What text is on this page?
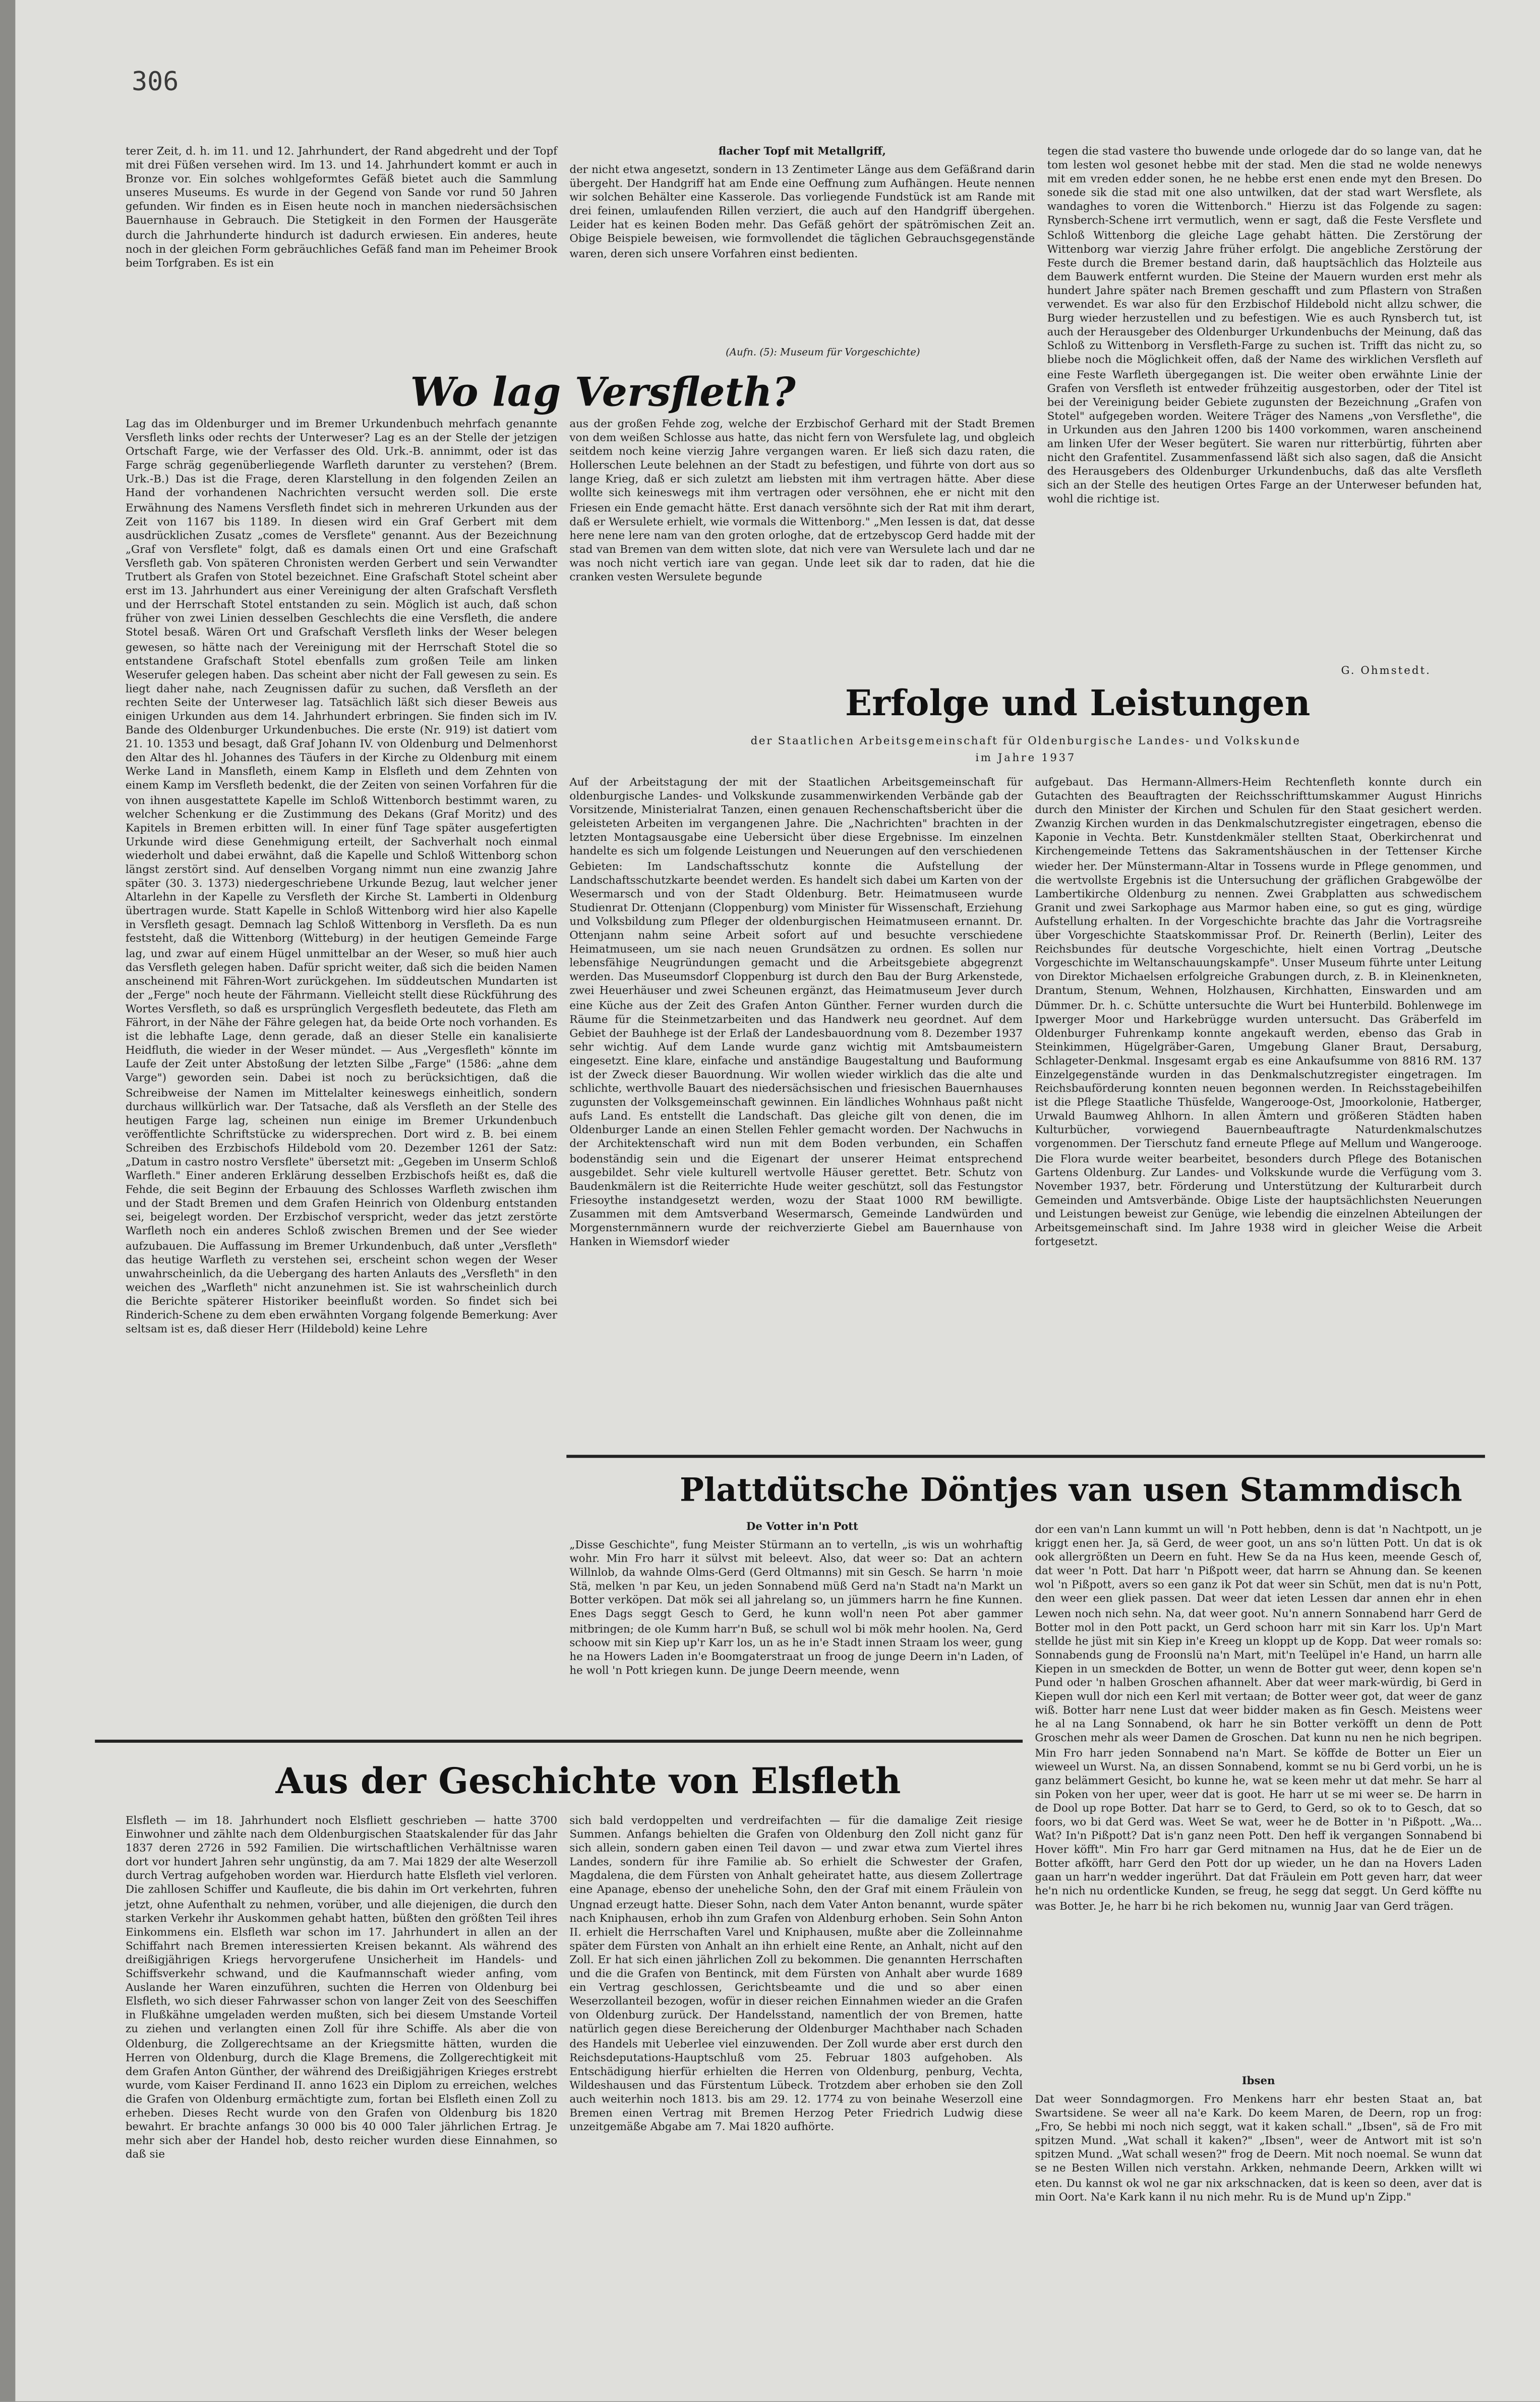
306

terer Zeit, d. h. im 11. und 12. Jahrhundert, der Rand abgedreht und der Topf mit drei Füßen versehen wird. Im 13. und 14. Jahrhundert kommt er auch in Bronze vor. Ein solches wohlgeformtes Gefäß bietet auch die Sammlung unseres Museums. Es wurde in der Gegend von Sande vor rund 50 Jahren gefunden. Wir finden es in Eisen heute noch in manchen niedersächsischen Bauernhause in Gebrauch. Die Stetigkeit in den Formen der Hausgeräte durch die Jahrhunderte hindurch ist dadurch erwiesen. Ein anderes, heute noch in der gleichen Form gebräuchliches Gefäß fand man im Peheimer Brook beim Torfgraben. Es ist ein

flacher Topf mit Metallgriff,

der nicht etwa angesetzt, sondern in 13 Zentimeter Länge aus dem Gefäßrand darin übergeht. Der Handgriff hat am Ende eine Oeffnung zum Aufhängen. Heute nennen wir solchen Behälter eine Kasserole. Das vorliegende Fundstück ist am Rande mit drei feinen, umlaufenden Rillen verziert, die auch auf den Handgriff übergehen. Leider hat es keinen Boden mehr. Das Gefäß gehört der spätrömischen Zeit an. Obige Beispiele beweisen, wie formvollendet die täglichen Gebrauchsgegenstände waren, deren sich unsere Vorfahren einst bedienten.

(Aufn. (5): Museum für Vorgeschichte)
Wo lag Versfleth?

Lag das im Oldenburger und im Bremer Urkundenbuch mehrfach genannte Versfleth links oder rechts der Unterweser? Lag es an der Stelle der jetzigen Ortschaft Farge, wie der Verfasser des Old. Urk.-B. annimmt, oder ist das Farge schräg gegenüberliegende Warfleth darunter zu verstehen? (Brem. Urk.-B.) Das ist die Frage, deren Klarstellung in den folgenden Zeilen an Hand der vorhandenen Nachrichten versucht werden soll. Die erste Erwähnung des Namens Versfleth findet sich in mehreren Urkunden aus der Zeit von 1167 bis 1189. In diesen wird ein Graf Gerbert mit dem ausdrücklichen Zusatz „comes de Versflete" genannt. Aus der Bezeichnung „Graf von Versflete" folgt, daß es damals einen Ort und eine Grafschaft Versfleth gab. Von späteren Chronisten werden Gerbert und sein Verwandter Trutbert als Grafen von Stotel bezeichnet. Eine Grafschaft Stotel scheint aber erst im 13. Jahrhundert aus einer Vereinigung der alten Grafschaft Versfleth und der Herrschaft Stotel entstanden zu sein. Möglich ist auch, daß schon früher von zwei Linien desselben Geschlechts die eine Versfleth, die andere Stotel besaß. Wären Ort und Grafschaft Versfleth links der Weser belegen gewesen, so hätte nach der Vereinigung mit der Herrschaft Stotel die so entstandene Grafschaft Stotel ebenfalls zum großen Teile am linken Weserufer gelegen haben. Das scheint aber nicht der Fall gewesen zu sein. Es liegt daher nahe, nach Zeugnissen dafür zu suchen, daß Versfleth an der rechten Seite der Unterweser lag. Tatsächlich läßt sich dieser Beweis aus einigen Urkunden aus dem 14. Jahrhundert erbringen. Sie finden sich im IV. Bande des Oldenburger Urkundenbuches. Die erste (Nr. 919) ist datiert vom 21. 10. 1353 und besagt, daß Graf Johann IV. von Oldenburg und Delmenhorst den Altar des hl. Johannes des Täufers in der Kirche zu Oldenburg mit einem Werke Land in Mansfleth, einem Kamp in Elsfleth und dem Zehnten von einem Kamp im Versfleth bedenkt, die der Zeiten von seinen Vorfahren für die von ihnen ausgestattete Kapelle im Schloß Wittenborch bestimmt waren, zu welcher Schenkung er die Zustimmung des Dekans (Graf Moritz) und des Kapitels in Bremen erbitten will. In einer fünf Tage später ausgefertigten Urkunde wird diese Genehmigung erteilt, der Sachverhalt noch einmal wiederholt und dabei erwähnt, daß die Kapelle und Schloß Wittenborg schon längst zerstört sind. Auf denselben Vorgang nimmt nun eine zwanzig Jahre später (30. 3. 1373) niedergeschriebene Urkunde Bezug, laut welcher jener Altarlehn in der Kapelle zu Versfleth der Kirche St. Lamberti in Oldenburg übertragen wurde. Statt Kapelle in Schloß Wittenborg wird hier also Kapelle in Versfleth gesagt. Demnach lag Schloß Wittenborg in Versfleth. Da es nun feststeht, daß die Wittenborg (Witteburg) in der heutigen Gemeinde Farge lag, und zwar auf einem Hügel unmittelbar an der Weser, so muß hier auch das Versfleth gelegen haben. Dafür spricht weiter, daß sich die beiden Namen anscheinend mit Fähren-Wort zurückgehen. Im süddeutschen Mundarten ist der „Ferge" noch heute der Fährmann. Vielleicht stellt diese Rückführung des Wortes Versfleth, so daß es ursprünglich Vergesfleth bedeutete, das Fleth am Fährort, in der Nähe der Fähre gelegen hat, da beide Orte noch vorhanden. Es ist die lebhafte Lage, denn gerade, daß an dieser Stelle ein kanalisierte Heidfluth, die wieder in der Weser mündet. — Aus „Vergesfleth" könnte im Laufe der Zeit unter Abstoßung der letzten Silbe „Farge" (1586: „ahne dem Varge") geworden sein. Dabei ist noch zu berücksichtigen, daß die Schreibweise der Namen im Mittelalter keineswegs einheitlich, sondern durchaus willkürlich war. Der Tatsache, daß als Versfleth an der Stelle des heutigen Farge lag, scheinen nun einige im Bremer Urkundenbuch veröffentlichte Schriftstücke zu widersprechen. Dort wird z. B. bei einem Schreiben des Erzbischofs Hildebold vom 20. Dezember 1261 der Satz: „Datum in castro nostro Versflete" übersetzt mit: „Gegeben im Unserm Schloß Warfleth." Einer anderen Erklärung desselben Erzbischofs heißt es, daß die Fehde, die seit Beginn der Erbauung des Schlosses Warfleth zwischen ihm und der Stadt Bremen und dem Grafen Heinrich von Oldenburg entstanden sei, beigelegt worden. Der Erzbischof verspricht, weder das jetzt zerstörte Warfleth noch ein anderes Schloß zwischen Bremen und der See wieder aufzubauen. Die Auffassung im Bremer Urkundenbuch, daß unter „Versfleth" das heutige Warfleth zu verstehen sei, erscheint schon wegen der Weser unwahrscheinlich, da die Uebergang des harten Anlauts des „Versfleth" in den weichen des „Warfleth" nicht anzunehmen ist. Sie ist wahrscheinlich durch die Berichte späterer Historiker beeinflußt worden. So findet sich bei Rinderich-Schene zu dem eben erwähnten Vorgang folgende Bemerkung: Aver seltsam ist es, daß dieser Herr (Hildebold) keine Lehre

aus der großen Fehde zog, welche der Erzbischof Gerhard mit der Stadt Bremen von dem weißen Schlosse aus hatte, das nicht fern von Wersfulete lag, und obgleich seitdem noch keine vierzig Jahre vergangen waren. Er ließ sich dazu raten, die Hollerschen Leute belehnen an der Stadt zu befestigen, und führte von dort aus so lange Krieg, daß er sich zuletzt am liebsten mit ihm vertragen hätte. Aber diese wollte sich keineswegs mit ihm vertragen oder versöhnen, ehe er nicht mit den Friesen ein Ende gemacht hätte. Erst danach versöhnte sich der Rat mit ihm derart, daß er Wersulete erhielt, wie vormals die Wittenborg." „Men Iessen is dat, dat desse here nene lere nam van den groten orloghe, dat de ertzebyscop Gerd hadde mit der stad van Bremen van dem witten slote, dat nich vere van Wersulete lach und dar ne was noch nicht vertich iare van gegan. Unde leet sik dar to raden, dat hie die cranken vesten Wersulete begunde

tegen die stad vastere tho buwende unde orlogede dar do so lange van, dat he tom lesten wol gesonet hebbe mit der stad. Men die stad ne wolde nenewys mit em vreden edder sonen, he ne hebbe erst enen ende myt den Bresen. Do sonede sik die stad mit one also untwilken, dat der stad wart Wersflete, als wandaghes to voren die Wittenborch." Hierzu ist das Folgende zu sagen: Rynsberch-Schene irrt vermutlich, wenn er sagt, daß die Feste Versflete und Schloß Wittenborg die gleiche Lage gehabt hätten. Die Zerstörung der Wittenborg war vierzig Jahre früher erfolgt. Die angebliche Zerstörung der Feste durch die Bremer bestand darin, daß hauptsächlich das Holzteile aus dem Bauwerk entfernt wurden. Die Steine der Mauern wurden erst mehr als hundert Jahre später nach Bremen geschafft und zum Pflastern von Straßen verwendet. Es war also für den Erzbischof Hildebold nicht allzu schwer, die Burg wieder herzustellen und zu befestigen. Wie es auch Rynsberch tut, ist auch der Herausgeber des Oldenburger Urkundenbuchs der Meinung, daß das Schloß zu Wittenborg in Versfleth-Farge zu suchen ist. Trifft das nicht zu, so bliebe noch die Möglichkeit offen, daß der Name des wirklichen Versfleth auf eine Feste Warfleth übergegangen ist. Die weiter oben erwähnte Linie der Grafen von Versfleth ist entweder frühzeitig ausgestorben, oder der Titel ist bei der Vereinigung beider Gebiete zugunsten der Bezeichnung „Grafen von Stotel" aufgegeben worden. Weitere Träger des Namens „von Versflethe", die in Urkunden aus den Jahren 1200 bis 1400 vorkommen, waren anscheinend am linken Ufer der Weser begütert. Sie waren nur ritterbürtig, führten aber nicht den Grafentitel. Zusammenfassend läßt sich also sagen, daß die Ansicht des Herausgebers des Oldenburger Urkundenbuchs, daß das alte Versfleth sich an der Stelle des heutigen Ortes Farge an der Unterweser befunden hat, wohl die richtige ist.

G. Ohmstedt.
Erfolge und Leistungen
der Staatlichen Arbeitsgemeinschaft für Oldenburgische Landes- und Volkskunde
im Jahre 1937

Auf der Arbeitstagung der mit der Staatlichen Arbeitsgemeinschaft für oldenburgische Landes- und Volkskunde zusammenwirkenden Verbände gab der Vorsitzende, Ministerialrat Tanzen, einen genauen Rechenschaftsbericht über die geleisteten Arbeiten im vergangenen Jahre. Die „Nachrichten" brachten in der letzten Montagsausgabe eine Uebersicht über diese Ergebnisse. Im einzelnen handelte es sich um folgende Leistungen und Neuerungen auf den verschiedenen Gebieten: Im Landschaftsschutz konnte die Aufstellung der Landschaftsschutzkarte beendet werden. Es handelt sich dabei um Karten von der Wesermarsch und von der Stadt Oldenburg. Betr. Heimatmuseen wurde Studienrat Dr. Ottenjann (Cloppenburg) vom Minister für Wissenschaft, Erziehung und Volksbildung zum Pfleger der oldenburgischen Heimatmuseen ernannt. Dr. Ottenjann nahm seine Arbeit sofort auf und besuchte verschiedene Heimatmuseen, um sie nach neuen Grundsätzen zu ordnen. Es sollen nur lebensfähige Neugründungen gemacht und die Arbeitsgebiete abgegrenzt werden. Das Museumsdorf Cloppenburg ist durch den Bau der Burg Arkenstede, zwei Heuerhäuser und zwei Scheunen ergänzt, das Heimatmuseum Jever durch eine Küche aus der Zeit des Grafen Anton Günther. Ferner wurden durch die Räume für die Steinmetzarbeiten und das Handwerk neu geordnet. Auf dem Gebiet der Bauhhege ist der Erlaß der Landesbauordnung vom 8. Dezember 1937 sehr wichtig. Auf dem Lande wurde ganz wichtig mit Amtsbaumeistern eingesetzt. Eine klare, einfache und anständige Baugestaltung und Bauformung ist der Zweck dieser Bauordnung. Wir wollen wieder wirklich das die alte und schlichte, werthvolle Bauart des niedersächsischen und friesischen Bauernhauses zugunsten der Volksgemeinschaft gewinnen. Ein ländliches Wohnhaus paßt nicht aufs Land. Es entstellt die Landschaft. Das gleiche gilt von denen, die im Oldenburger Lande an einen Stellen Fehler gemacht worden. Der Nachwuchs in der Architektenschaft wird nun mit dem Boden verbunden, ein Schaffen bodenständig sein und die Eigenart der unserer Heimat entsprechend ausgebildet. Sehr viele kulturell wertvolle Häuser gerettet. Betr. Schutz von Baudenkmälern ist die Reiterrichte Hude weiter geschützt, soll das Festungstor Friesoythe instandgesetzt werden, wozu der Staat 1000 RM bewilligte. Zusammen mit dem Amtsverband Wesermarsch, Gemeinde Landwürden und Morgensternmännern wurde der reichverzierte Giebel am Bauernhause von Hanken in Wiemsdorf wieder

aufgebaut. Das Hermann-Allmers-Heim Rechtenfleth konnte durch ein Gutachten des Beauftragten der Reichsschrifttumskammer August Hinrichs durch den Minister der Kirchen und Schulen für den Staat gesichert werden. Zwanzig Kirchen wurden in das Denkmalschutzregister eingetragen, ebenso die Kaponie in Vechta. Betr. Kunstdenkmäler stellten Staat, Oberkirchenrat und Kirchengemeinde Tettens das Sakramentshäuschen in der Tettenser Kirche wieder her. Der Münstermann-Altar in Tossens wurde in Pflege genommen, und die wertvollste Ergebnis ist die Untersuchung der gräflichen Grabgewölbe der Lambertikirche Oldenburg zu nennen. Zwei Grabplatten aus schwedischem Granit und zwei Sarkophage aus Marmor haben eine, so gut es ging, würdige Aufstellung erhalten. In der Vorgeschichte brachte das Jahr die Vortragsreihe über Vorgeschichte Staatskommissar Prof. Dr. Reinerth (Berlin), Leiter des Reichsbundes für deutsche Vorgeschichte, hielt einen Vortrag „Deutsche Vorgeschichte im Weltanschauungskampfe". Unser Museum führte unter Leitung von Direktor Michaelsen erfolgreiche Grabungen durch, z. B. in Kleinenkneten, Drantum, Stenum, Wehnen, Holzhausen, Kirchhatten, Einswarden und am Dümmer. Dr. h. c. Schütte untersuchte die Wurt bei Hunterbild. Bohlenwege im Ipwerger Moor und Harkebrügge wurden untersucht. Das Gräberfeld im Oldenburger Fuhrenkamp konnte angekauft werden, ebenso das Grab in Steinkimmen, Hügelgräber-Garen, Umgebung Glaner Braut, Dersaburg, Schlageter-Denkmal. Insgesamt ergab es eine Ankaufsumme von 8816 RM. 137 Einzelgegenstände wurden in das Denkmalschutzregister eingetragen. Im Reichsbauförderung konnten neuen begonnen werden. In Reichsstagebeihilfen ist die Pflege Staatliche Thüsfelde, Wangerooge-Ost, Jmoorkolonie, Hatberger, Urwald Baumweg Ahlhorn. In allen Ämtern und größeren Städten haben Kulturbücher, vorwiegend Bauernbeauftragte Naturdenkmalschutzes vorgenommen. Der Tierschutz fand erneute Pflege auf Mellum und Wangerooge. Die Flora wurde weiter bearbeitet, besonders durch Pflege des Botanischen Gartens Oldenburg. Zur Landes- und Volkskunde wurde die Verfügung vom 3. November 1937, betr. Förderung und Unterstützung der Kulturarbeit durch Gemeinden und Amtsverbände. Obige Liste der hauptsächlichsten Neuerungen und Leistungen beweist zur Genüge, wie lebendig die einzelnen Abteilungen der Arbeitsgemeinschaft sind. Im Jahre 1938 wird in gleicher Weise die Arbeit fortgesetzt.

Plattdütsche Döntjes van usen Stammdisch
De Votter in'n Pott

„Disse Geschichte", fung Meister Stürmann an to vertelln, „is wis un wohrhaftig wohr. Min Fro harr it sülvst mit beleevt. Also, dat weer so: Dat an achtern Willnlob, da wahnde Olms-Gerd (Gerd Oltmanns) mit sin Gesch. Se harrn 'n moie Stä, melken 'n par Keu, un jeden Sonnabend müß Gerd na'n Stadt na'n Markt un Botter verköpen. Dat mök sei all jahrelang so, un jümmers harrn he fine Kunnen. Enes Dags seggt Gesch to Gerd, he kunn woll'n neen Pot aber gammer mitbringen; de ole Kumm harr'n Buß, se schull wol bi mök mehr hoolen. Na, Gerd schoow mit sin Kiep up'r Karr los, un as he in'e Stadt innen Straam los weer, gung he na Howers Laden in'e Boomgaterstraat un froog de junge Deern in'n Laden, of he woll 'n Pott kriegen kunn. De junge Deern meende, wenn

dor een van'n Lann kummt un will 'n Pott hebben, denn is dat 'n Nachtpott, un je kriggt enen her. Ja, sä Gerd, de weer goot, un ans so'n lütten Pott. Un dat is ok ook allergrößten un Deern en fuht. Hew Se da na Hus keen, meende Gesch of, dat weer 'n Pott. Dat harr 'n Pißpott weer, dat harrn se Ahnung dan. Se keenen wol 'n Pißpott, avers so een ganz ik Pot dat weer sin Schüt, men dat is nu'n Pott, den weer een gliek passen. Dat weer dat ieten Lessen dar annen ehr in ehen Lewen noch nich sehn. Na, dat weer goot. Nu'n annern Sonnabend harr Gerd de Botter mol in den Pott packt, un Gerd schoon harr mit sin Karr los. Up'n Mart stellde he jüst mit sin Kiep in'e Kreeg un kloppt up de Kopp. Dat weer romals so: Sonnabends gung de Froonslü na'n Mart, mit'n Teelüpel in'e Hand, un harrn alle Kiepen in un smeckden de Botter, un wenn de Botter gut weer, denn kopen se'n Pund oder 'n halben Groschen afhannelt. Aber dat weer mark-würdig, bi Gerd in Kiepen wull dor nich een Kerl mit vertaan; de Botter weer got, dat weer de ganz wiß. Botter harr nene Lust dat weer bidder maken as fin Gesch. Meistens weer he al na Lang Sonnabend, ok harr he sin Botter verköfft un denn de Pott Groschen mehr als weer Damen de Groschen. Dat kunn nu nen he nich begripen. Min Fro harr jeden Sonnabend na'n Mart. Se köffde de Botter un Eier un wieweel un Wurst. Na, an dissen Sonnabend, kommt se nu bi Gerd vorbi, un he is ganz belämmert Gesicht, bo kunne he, wat se keen mehr ut dat mehr. Se harr al sin Poken von her uper, weer dat is goot. He harr ut se mi weer se. De harrn in de Dool up rope Botter. Dat harr se to Gerd, to Gerd, so ok to to Gesch, dat so foors, wo bi dat Gerd was. Weet Se wat, weer he de Botter in 'n Pißpott. „Wa... Wat? In'n Pißpott? Dat is'n ganz neen Pott. Den heff ik vergangen Sonnabend bi Hover köfft". Min Fro harr gar Gerd mitnamen na Hus, dat he de Eier un de Botter afköfft, harr Gerd den Pott dor up wieder, un he dan na Hovers Laden gaan un harr'n wedder ingerührt. Dat dat Fräulein em Pott geven harr, dat weer he'n nich nu ordentlicke Kunden, se freug, he segg dat seggt. Un Gerd köffte nu was Botter. Je, he harr bi he rich bekomen nu, wunnig Jaar van Gerd trägen.

Ibsen

Dat weer Sonndagmorgen. Fro Menkens harr ehr besten Staat an, bat Swartsidene. Se weer all na'e Kark. Do keem Maren, de Deern, rop un frog: „Fro, Se hebbi mi noch nich seggt, wat it kaken schall." „Ibsen", sä de Fro mit spitzen Mund. „Wat schall it kaken?" „Ibsen", weer de Antwort mit ist so'n spitzen Mund. „Wat schall wesen?" frog de Deern. Mit noch noemal. Se wunn dat se ne Besten Willen nich verstahn. Arkken, nehmande Deern, Arkken willt wi eten. Du kannst ok wol ne gar nix arkschnacken, dat is keen so deen, aver dat is min Oort. Na'e Kark kann il nu nich mehr. Ru is de Mund up'n Zipp."

Aus der Geschichte von Elsfleth

Elsfleth — im 18. Jahrhundert noch Elsfliett geschrieben — hatte 3700 Einwohner und zählte nach dem Oldenburgischen Staatskalender für das Jahr 1837 deren 2726 in 592 Familien. Die wirtschaftlichen Verhältnisse waren dort vor hundert Jahren sehr ungünstig, da am 7. Mai 1829 der alte Weserzoll durch Vertrag aufgehoben worden war. Hierdurch hatte Elsfleth viel verloren. Die zahllosen Schiffer und Kaufleute, die bis dahin im Ort verkehrten, fuhren jetzt, ohne Aufenthalt zu nehmen, vorüber, und alle diejenigen, die durch den starken Verkehr ihr Auskommen gehabt hatten, büßten den größten Teil ihres Einkommens ein. Elsfleth war schon im 17. Jahrhundert in allen an der Schiffahrt nach Bremen interessierten Kreisen bekannt. Als während des dreißigjährigen Kriegs hervorgerufene Unsicherheit im Handels- und Schiffsverkehr schwand, und die Kaufmannschaft wieder anfing, vom Auslande her Waren einzuführen, suchten die Herren von Oldenburg bei Elsfleth, wo sich dieser Fahrwasser schon von langer Zeit von des Seeschiffen in Flußkähne umgeladen werden mußten, sich bei diesem Umstande Vorteil zu ziehen und verlangten einen Zoll für ihre Schiffe. Als aber die von Oldenburg, die Zollgerechtsame an der Kriegsmitte hätten, wurden die Herren von Oldenburg, durch die Klage Bremens, die Zollgerechtigkeit mit dem Grafen Anton Günther, der während des Dreißigjährigen Krieges erstrebt wurde, vom Kaiser Ferdinand II. anno 1623 ein Diplom zu erreichen, welches die Grafen von Oldenburg ermächtigte zum, fortan bei Elsfleth einen Zoll zu erheben. Dieses Recht wurde von den Grafen von Oldenburg bis 1820 bewahrt. Er brachte anfangs 30 000 bis 40 000 Taler jährlichen Ertrag. Je mehr sich aber der Handel hob, desto reicher wurden diese Einnahmen, so daß sie

sich bald verdoppelten und verdreifachten — für die damalige Zeit riesige Summen. Anfangs behielten die Grafen von Oldenburg den Zoll nicht ganz für sich allein, sondern gaben einen Teil davon — und zwar etwa zum Viertel ihres Landes, sondern für ihre Familie ab. So erhielt die Schwester der Grafen, Magdalena, die dem Fürsten von Anhalt geheiratet hatte, aus diesem Zollertrage eine Apanage, ebenso der uneheliche Sohn, den der Graf mit einem Fräulein von Ungnad erzeugt hatte. Dieser Sohn, nach dem Vater Anton benannt, wurde später nach Kniphausen, erhob ihn zum Grafen von Aldenburg erhoben. Sein Sohn Anton II. erhielt die Herrschaften Varel und Kniphausen, mußte aber die Zolleinnahme später dem Fürsten von Anhalt an ihn erhielt eine Rente, an Anhalt, nicht auf den Zoll. Er hat sich einen jährlichen Zoll zu bekommen. Die genannten Herrschaften und die die Grafen von Bentinck, mit dem Fürsten von Anhalt aber wurde 1689 ein Vertrag geschlossen, Gerichtsbeamte und die und so aber einen Weserzollanteil bezogen, wofür in dieser reichen Einnahmen wieder an die Grafen von Oldenburg zurück. Der Handelsstand, namentlich der von Bremen, hatte natürlich gegen diese Bereicherung der Oldenburger Machthaber nach Schaden des Handels mit Ueberlee viel einzuwenden. Der Zoll wurde aber erst durch den Reichsdeputations-Hauptschluß vom 25. Februar 1803 aufgehoben. Als Entschädigung hierfür erhielten die Herren von Oldenburg, penburg, Vechta, Wildeshausen und das Fürstentum Lübeck. Trotzdem aber erhoben sie den Zoll auch weiterhin noch 1813. bis am 29. 12. 1774 zu von beinahe Weserzoll eine Bremen einen Vertrag mit Bremen Herzog Peter Friedrich Ludwig diese unzeitgemäße Abgabe am 7. Mai 1820 aufhörte.
